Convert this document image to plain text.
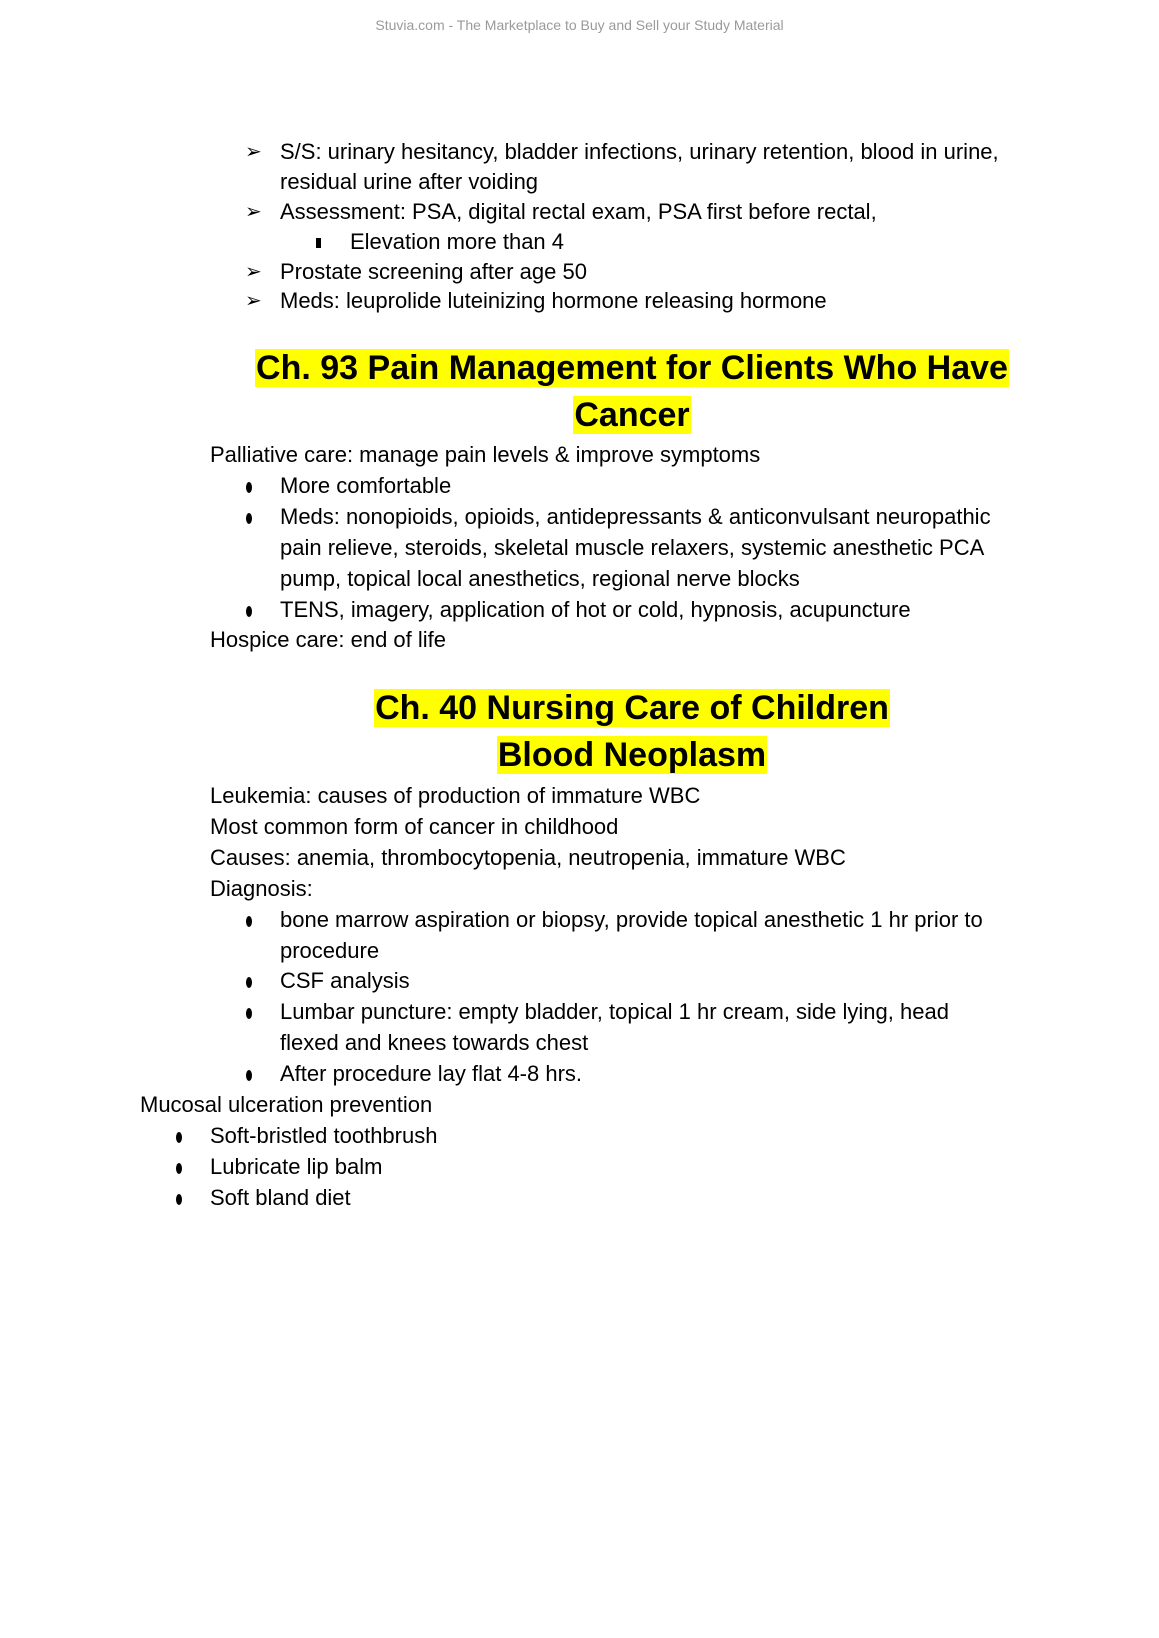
Stuvia.com - The Marketplace to Buy and Sell your Study Material
➢ S/S: urinary hesitancy, bladder infections, urinary retention, blood in urine,
residual urine after voiding
➢ Assessment: PSA, digital rectal exam, PSA first before rectal,
Elevation more than 4
➢ Prostate screening after age 50
➢ Meds: leuprolide luteinizing hormone releasing hormone
Ch. 93 Pain Management for Clients Who Have
Cancer
Palliative care: manage pain levels & improve symptoms
More comfortable
Meds: nonopioids, opioids, antidepressants & anticonvulsant neuropathic
pain relieve, steroids, skeletal muscle relaxers, systemic anesthetic PCA
pump, topical local anesthetics, regional nerve blocks
TENS, imagery, application of hot or cold, hypnosis, acupuncture
Hospice care: end of life
Ch. 40 Nursing Care of Children
Blood Neoplasm
Leukemia: causes of production of immature WBC
Most common form of cancer in childhood
Causes: anemia, thrombocytopenia, neutropenia, immature WBC
Diagnosis:
bone marrow aspiration or biopsy, provide topical anesthetic 1 hr prior to
procedure
CSF analysis
Lumbar puncture: empty bladder, topical 1 hr cream, side lying, head
flexed and knees towards chest
After procedure lay flat 4-8 hrs.
Mucosal ulceration prevention
Soft-bristled toothbrush
Lubricate lip balm
Soft bland diet
